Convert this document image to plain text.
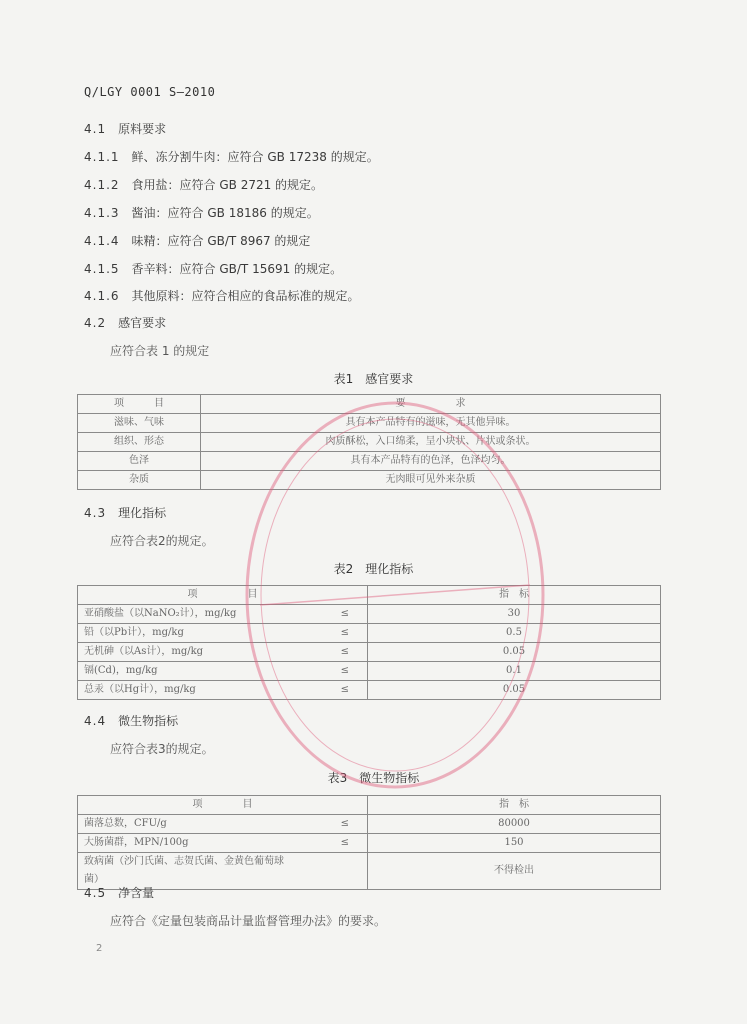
Q/LGY 0001 S—2010
4.1 原料要求
4.1.1 鲜、冻分割牛肉：应符合 GB 17238 的规定。
4.1.2 食用盐：应符合 GB 2721 的规定。
4.1.3 酱油：应符合 GB 18186 的规定。
4.1.4 味精：应符合 GB/T 8967 的规定
4.1.5 香辛料：应符合 GB/T 15691 的规定。
4.1.6 其他原料：应符合相应的食品标准的规定。
4.2 感官要求
应符合表 1 的规定
表1　感官要求
项　　　目	要　　　　　求
滋味、气味	具有本产品特有的滋味，无其他异味。
组织、形态	肉质酥松，入口绵柔，呈小块状、片状或条状。
色泽	具有本产品特有的色泽，色泽均匀。
杂质	无肉眼可见外来杂质
4.3 理化指标
应符合表2的规定。
表2　理化指标
项　　　　　目		指　标
亚硝酸盐（以NaNO₂计），mg/kg	≤	30
铅（以Pb计），mg/kg	≤	0.5
无机砷（以As计），mg/kg	≤	0.05
镉(Cd)，mg/kg	≤	0.1
总汞（以Hg计），mg/kg	≤	0.05
4.4 微生物指标
应符合表3的规定。
表3　微生物指标
项　　　　目		指　标
菌落总数，CFU/g	≤	80000
大肠菌群，MPN/100g	≤	150
致病菌（沙门氏菌、志贺氏菌、金黄色葡萄球菌）		不得检出
4.5 净含量
应符合《定量包装商品计量监督管理办法》的要求。
2
